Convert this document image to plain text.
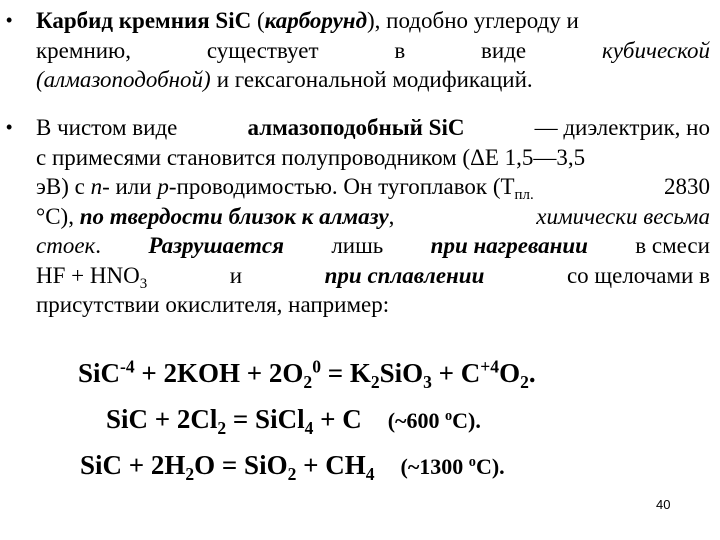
• Карбид кремния SiC (карборунд), подобно углероду и
кремнию,	существует	в	виде	кубической
(алмазоподобной) и гексагональной модификаций.
• В чистом виде	алмазоподобный SiC	— диэлектрик, но
с примесями становится полупроводником (ΔE 1,5—3,5
эВ) с n- или p-проводимостью. Он тугоплавок ($T_{пл.}$	2830
°С), по твердости близок к алмазу,	химически весьма
стоек. Разрушается лишь при нагревании в смеси
HF + $HNO_3$	и	при сплавлении	со щелочами в
присутствии окислителя, например:
$SiC^{-4} + 2KOH + 2O_2^0 = K_2SiO_3 + C^{+4}O_2$.
SiC + $2Cl_2$ = SiCl$_4$ + C (~600 $^o$C).
SiC + $2H_2O = SiO_2 + CH_4$ (~1300 $^o$C).
40
